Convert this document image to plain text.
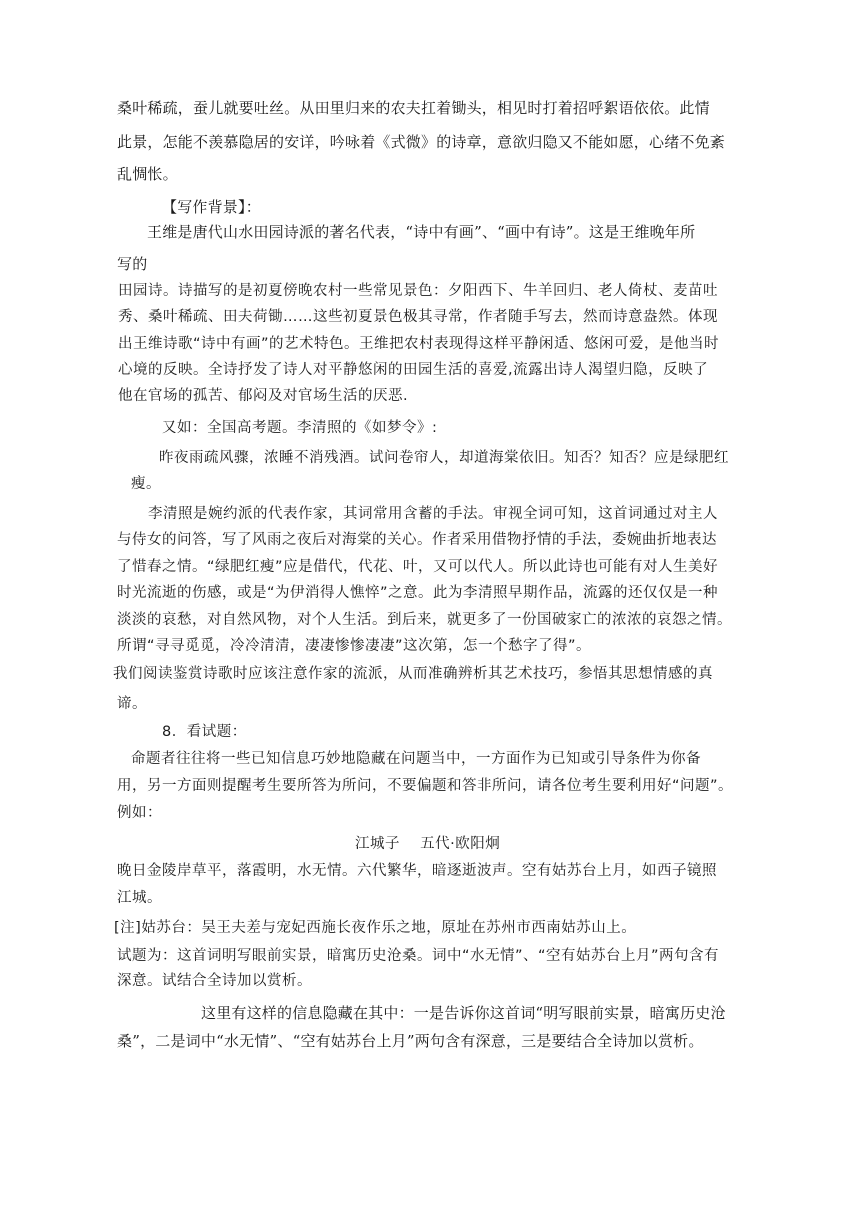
桑叶稀疏，蚕儿就要吐丝。从田里归来的农夫扛着锄头，相见时打着招呼絮语依依。此情
此景，怎能不羡慕隐居的安详，吟咏着《式微》的诗章，意欲归隐又不能如愿，心绪不免紊
乱惆怅。
【写作背景】：
王维是唐代山水田园诗派的著名代表，“诗中有画”、“画中有诗”。这是王维晚年所
写的
田园诗。诗描写的是初夏傍晚农村一些常见景色：夕阳西下、牛羊回归、老人倚杖、麦苗吐
秀、桑叶稀疏、田夫荷锄……这些初夏景色极其寻常，作者随手写去，然而诗意盎然。体现
出王维诗歌“诗中有画”的艺术特色。王维把农村表现得这样平静闲适、悠闲可爱，是他当时
心境的反映。全诗抒发了诗人对平静悠闲的田园生活的喜爱,流露出诗人渴望归隐，反映了
他在官场的孤苦、郁闷及对官场生活的厌恶.
又如：全国高考题。李清照的《如梦令》:
昨夜雨疏风骤，浓睡不消残酒。试问卷帘人，却道海棠依旧。知否？知否？应是绿肥红
瘦。
李清照是婉约派的代表作家，其词常用含蓄的手法。审视全词可知，这首词通过对主人
与侍女的问答，写了风雨之夜后对海棠的关心。作者采用借物抒情的手法，委婉曲折地表达
了惜春之情。“绿肥红瘦”应是借代，代花、叶，又可以代人。所以此诗也可能有对人生美好
时光流逝的伤感，或是“为伊消得人憔悴”之意。此为李清照早期作品，流露的还仅仅是一种
淡淡的哀愁，对自然风物，对个人生活。到后来，就更多了一份国破家亡的浓浓的哀怨之情。
所谓“寻寻觅觅，冷冷清清，凄凄惨惨凄凄”这次第，怎一个愁字了得”。
我们阅读鉴赏诗歌时应该注意作家的流派，从而准确辨析其艺术技巧，参悟其思想情感的真
谛。
8．看试题：
命题者往往将一些已知信息巧妙地隐藏在问题当中，一方面作为已知或引导条件为你备
用，另一方面则提醒考生要所答为所问，不要偏题和答非所问，请各位考生要利用好“问题”。
例如：
江城子　 五代·欧阳炯
晚日金陵岸草平，落霞明，水无情。六代繁华，暗逐逝波声。空有姑苏台上月，如西子镜照
江城。
[注]姑苏台：吴王夫差与宠妃西施长夜作乐之地，原址在苏州市西南姑苏山上。
试题为：这首词明写眼前实景，暗寓历史沧桑。词中“水无情”、“空有姑苏台上月”两句含有
深意。试结合全诗加以赏析。
这里有这样的信息隐藏在其中：一是告诉你这首词“明写眼前实景，暗寓历史沧
桑”，二是词中“水无情”、“空有姑苏台上月”两句含有深意，三是要结合全诗加以赏析。
